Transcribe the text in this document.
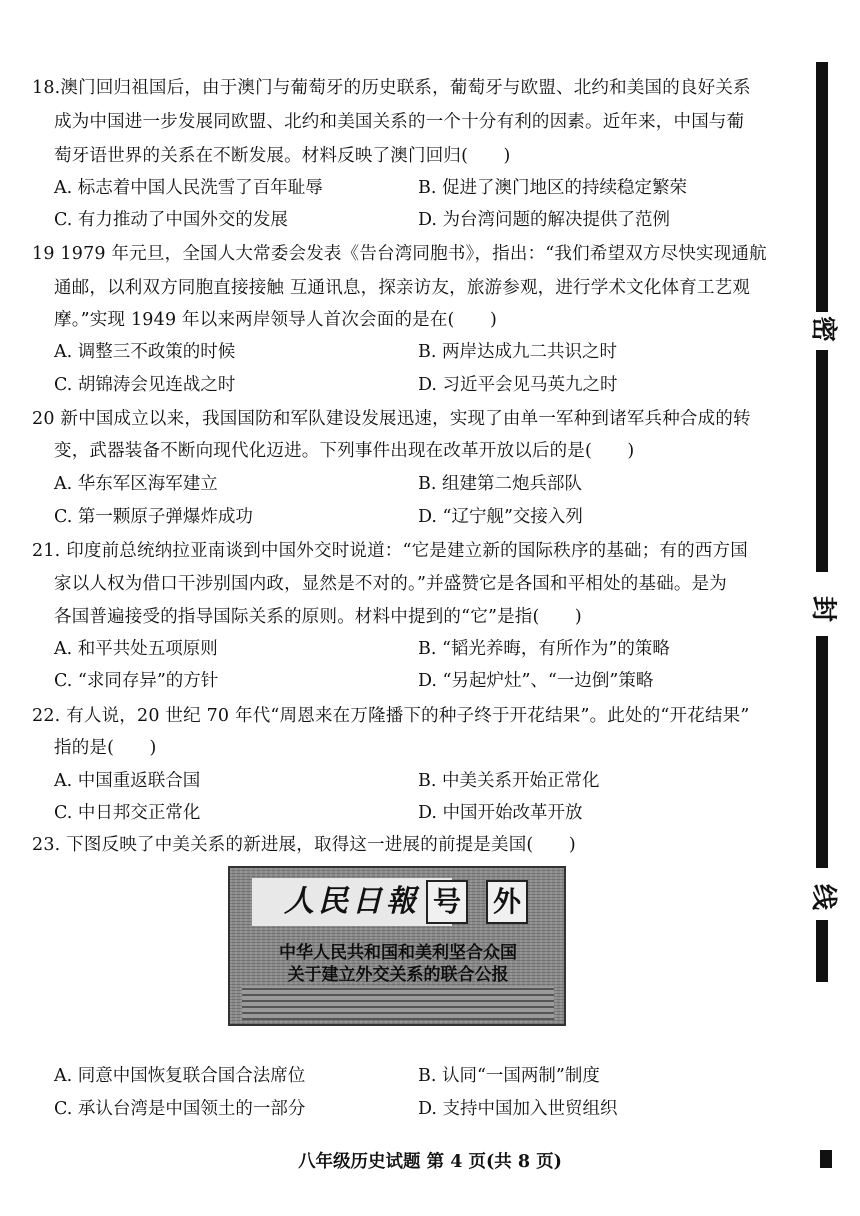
18.澳门回归祖国后，由于澳门与葡萄牙的历史联系，葡萄牙与欧盟、北约和美国的良好关系
成为中国进一步发展同欧盟、北约和美国关系的一个十分有利的因素。近年来，中国与葡
萄牙语世界的关系在不断发展。材料反映了澳门回归(　　)
A. 标志着中国人民洗雪了百年耻辱	B. 促进了澳门地区的持续稳定繁荣
C. 有力推动了中国外交的发展	D. 为台湾问题的解决提供了范例
19 1979 年元旦，全国人大常委会发表《告台湾同胞书》，指出：“我们希望双方尽快实现通航
通邮，以利双方同胞直接接触 互通讯息，探亲访友，旅游参观，进行学术文化体育工艺观
摩。”实现 1949 年以来两岸领导人首次会面的是在(　　)
A. 调整三不政策的时候	B. 两岸达成九二共识之时
C. 胡锦涛会见连战之时	D. 习近平会见马英九之时
20 新中国成立以来，我国国防和军队建设发展迅速，实现了由单一军种到诸军兵种合成的转
变，武器装备不断向现代化迈进。下列事件出现在改革开放以后的是(　　)
A. 华东军区海军建立	B. 组建第二炮兵部队
C. 第一颗原子弹爆炸成功	D. “辽宁舰”交接入列
21. 印度前总统纳拉亚南谈到中国外交时说道：“它是建立新的国际秩序的基础；有的西方国
家以人权为借口干涉别国内政，显然是不对的。”并盛赞它是各国和平相处的基础。是为
各国普遍接受的指导国际关系的原则。材料中提到的“它”是指(　　)
A. 和平共处五项原则	B. “韬光养晦，有所作为”的策略
C. “求同存异”的方针	D. “另起炉灶”、“一边倒”策略
22. 有人说，20 世纪 70 年代“周恩来在万隆播下的种子终于开花结果”。此处的“开花结果”
指的是(　　)
A. 中国重返联合国	B. 中美关系开始正常化
C. 中日邦交正常化	D. 中国开始改革开放
23. 下图反映了中美关系的新进展，取得这一进展的前提是美国(　　)
人民日報 号 外
中华人民共和国和美利坚合众国
关于建立外交关系的联合公报
A. 同意中国恢复联合国合法席位	B. 认同“一国两制”制度
C. 承认台湾是中国领土的一部分	D. 支持中国加入世贸组织
密
封
线
八年级历史试题 第 4 页(共 8 页)
